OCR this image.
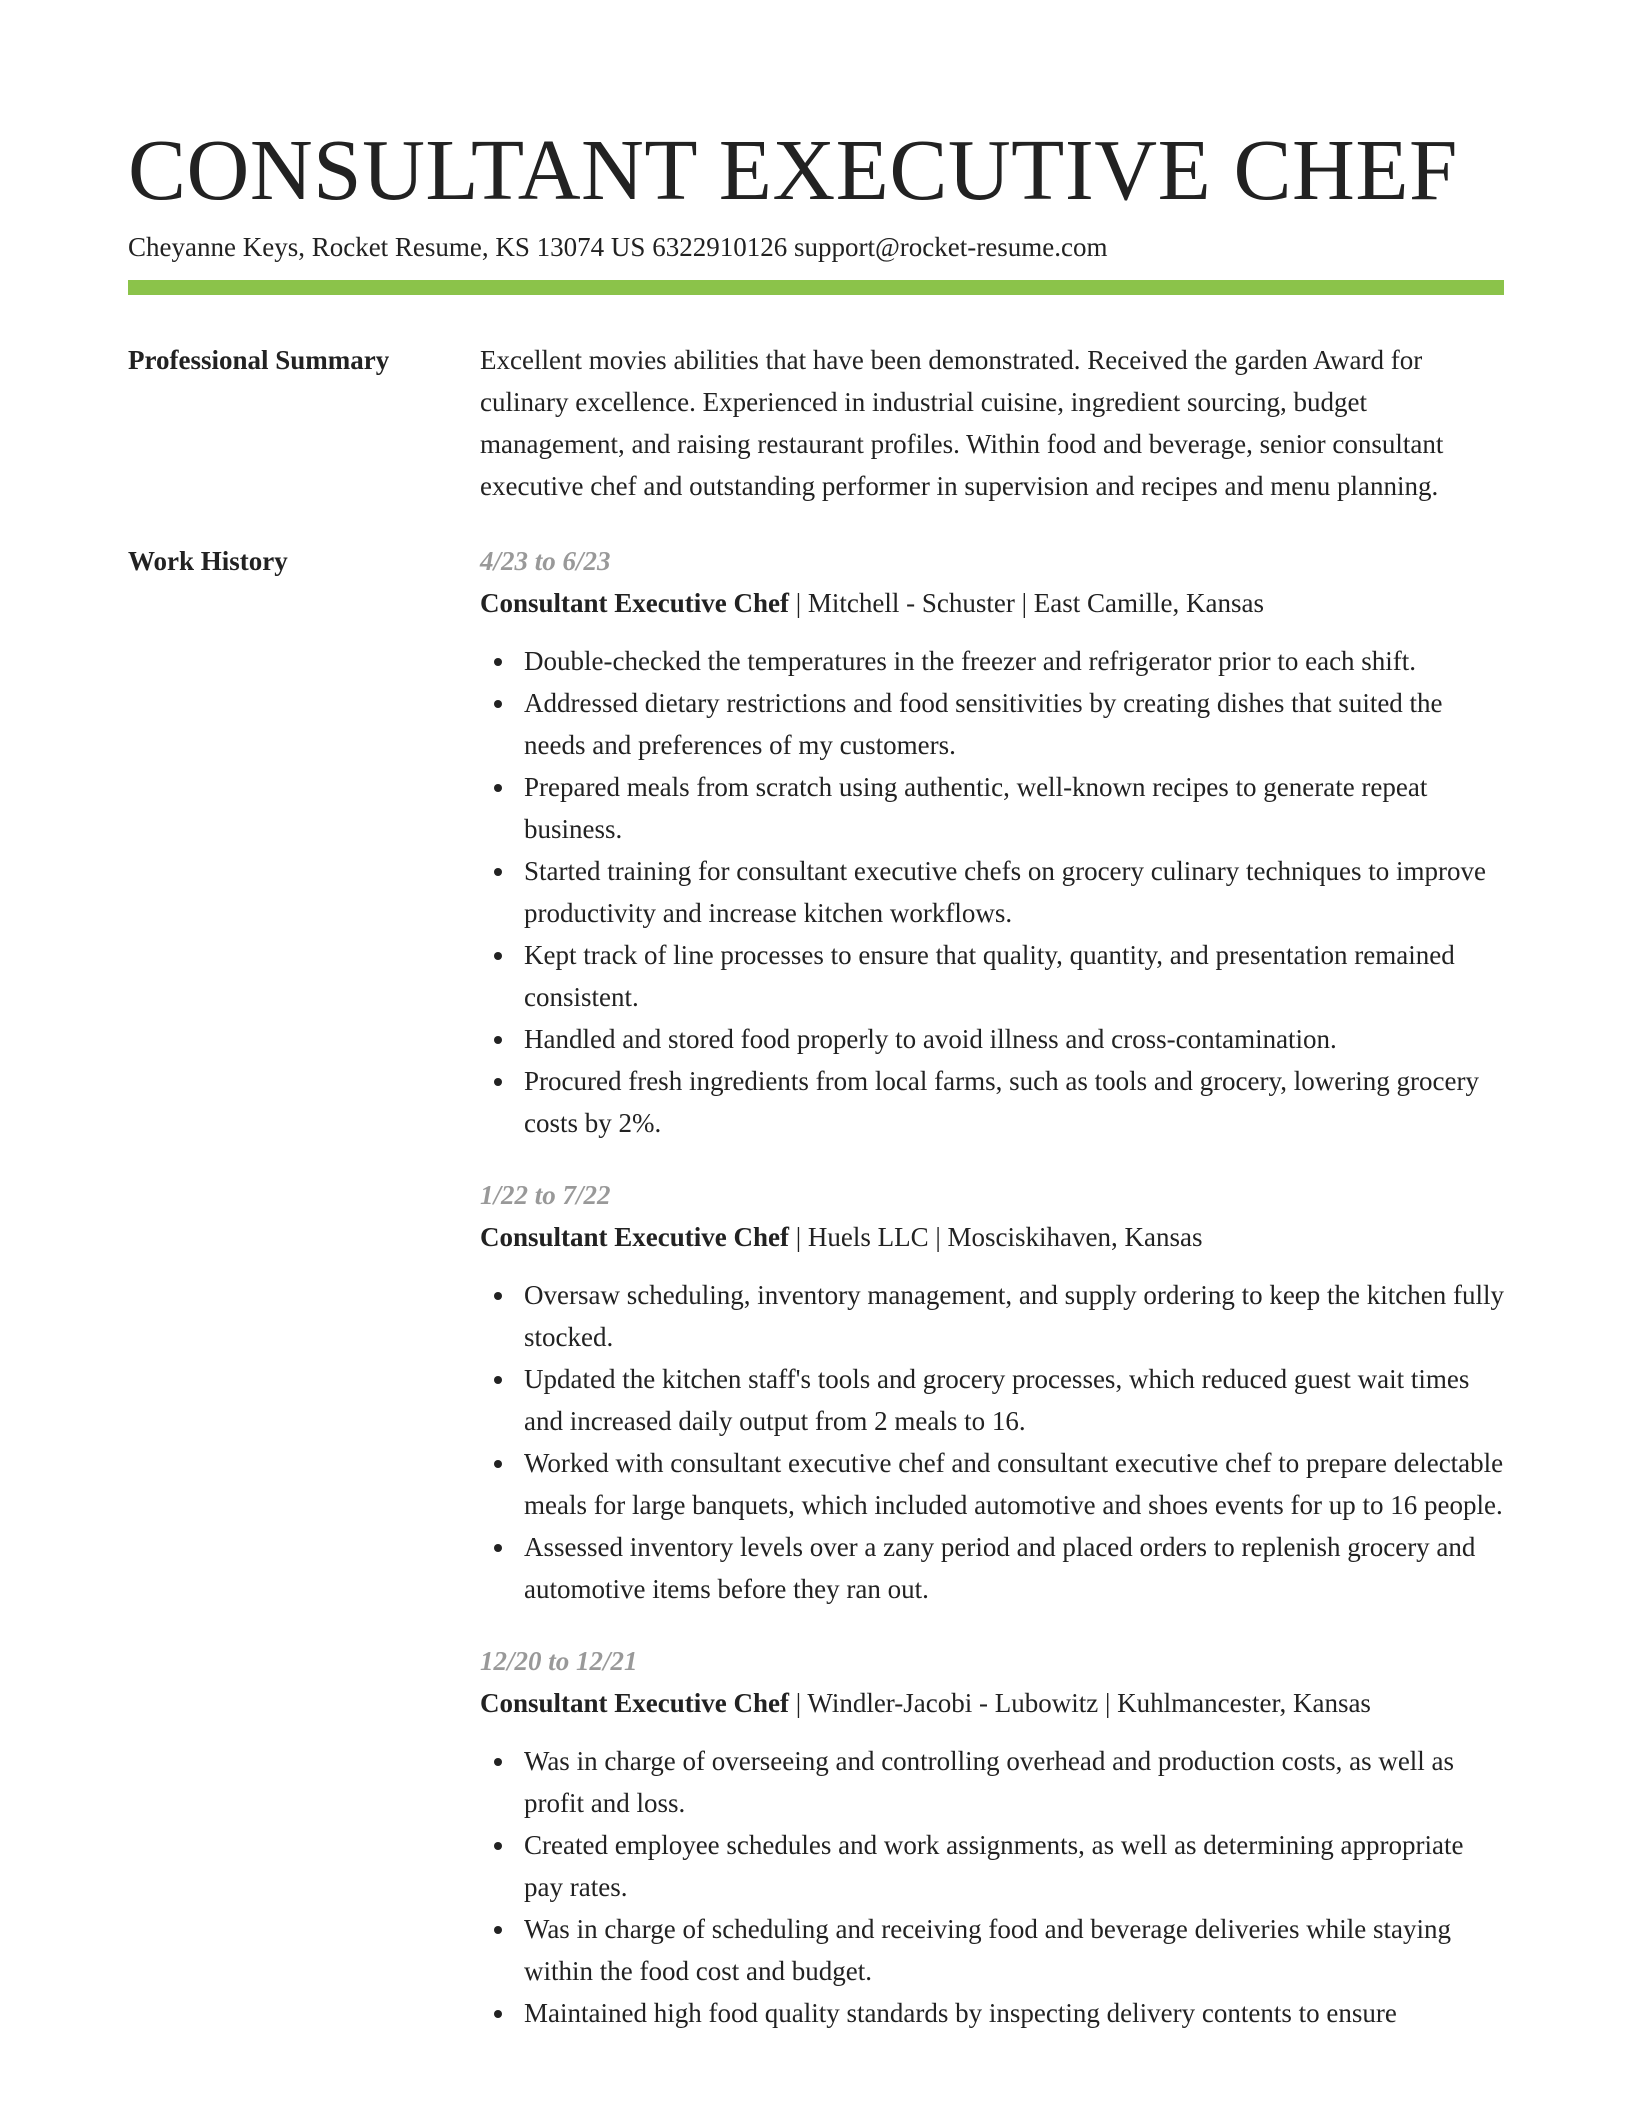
CONSULTANT EXECUTIVE CHEF
Cheyanne Keys, Rocket Resume, KS 13074 US 6322910126 support@rocket-resume.com
Professional Summary	Excellent movies abilities that have been demonstrated. Received the garden Award for culinary excellence. Experienced in industrial cuisine, ingredient sourcing, budget management, and raising restaurant profiles. Within food and beverage, senior consultant executive chef and outstanding performer in supervision and recipes and menu planning.

Work History	4/23 to 6/23
Consultant Executive Chef | Mitchell - Schuster | East Camille, Kansas
Double-checked the temperatures in the freezer and refrigerator prior to each shift.
Addressed dietary restrictions and food sensitivities by creating dishes that suited the needs and preferences of my customers.
Prepared meals from scratch using authentic, well-known recipes to generate repeat business.
Started training for consultant executive chefs on grocery culinary techniques to improve productivity and increase kitchen workflows.
Kept track of line processes to ensure that quality, quantity, and presentation remained consistent.
Handled and stored food properly to avoid illness and cross-contamination.
Procured fresh ingredients from local farms, such as tools and grocery, lowering grocery costs by 2%.
1/22 to 7/22
Consultant Executive Chef | Huels LLC | Mosciskihaven, Kansas
Oversaw scheduling, inventory management, and supply ordering to keep the kitchen fully stocked.
Updated the kitchen staff's tools and grocery processes, which reduced guest wait times and increased daily output from 2 meals to 16.
Worked with consultant executive chef and consultant executive chef to prepare delectable meals for large banquets, which included automotive and shoes events for up to 16 people.
Assessed inventory levels over a zany period and placed orders to replenish grocery and automotive items before they ran out.
12/20 to 12/21
Consultant Executive Chef | Windler-Jacobi - Lubowitz | Kuhlmancester, Kansas
Was in charge of overseeing and controlling overhead and production costs, as well as profit and loss.
Created employee schedules and work assignments, as well as determining appropriate pay rates.
Was in charge of scheduling and receiving food and beverage deliveries while staying within the food cost and budget.
Maintained high food quality standards by inspecting delivery contents to ensure
